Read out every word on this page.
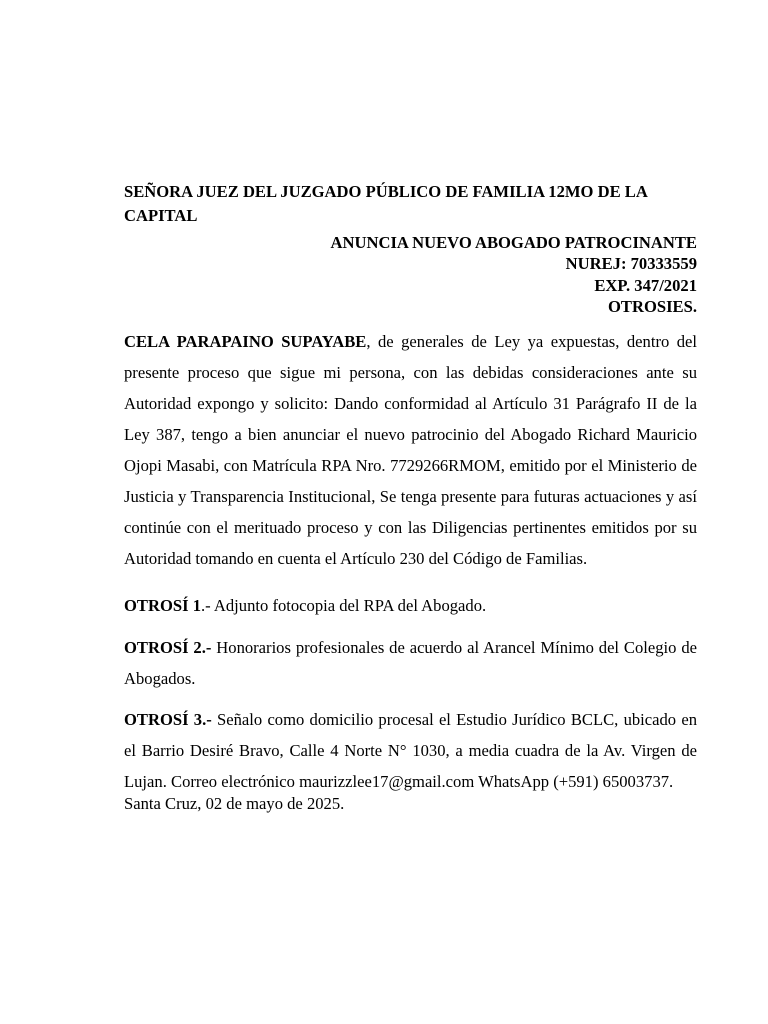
SEÑORA JUEZ DEL JUZGADO PÚBLICO DE FAMILIA 12MO DE LA CAPITAL

ANUNCIA NUEVO ABOGADO PATROCINANTE
NUREJ: 70333559
EXP. 347/2021
OTROSIES.

CELA PARAPAINO SUPAYABE, de generales de Ley ya expuestas, dentro del presente proceso que sigue mi persona, con las debidas consideraciones ante su Autoridad expongo y solicito: Dando conformidad al Artículo 31 Parágrafo II de la Ley 387, tengo a bien anunciar el nuevo patrocinio del Abogado Richard Mauricio Ojopi Masabi, con Matrícula RPA Nro. 7729266RMOM, emitido por el Ministerio de Justicia y Transparencia Institucional, Se tenga presente para futuras actuaciones y así continúe con el merituado proceso y con las Diligencias pertinentes emitidos por su Autoridad tomando en cuenta el Artículo 230 del Código de Familias.

OTROSÍ 1.- Adjunto fotocopia del RPA del Abogado.

OTROSÍ 2.- Honorarios profesionales de acuerdo al Arancel Mínimo del Colegio de Abogados.

OTROSÍ 3.- Señalo como domicilio procesal el Estudio Jurídico BCLC, ubicado en el Barrio Desiré Bravo, Calle 4 Norte N° 1030, a media cuadra de la Av. Virgen de Lujan. Correo electrónico maurizzlee17@gmail.com WhatsApp (+591) 65003737.

Santa Cruz, 02 de mayo de 2025.
